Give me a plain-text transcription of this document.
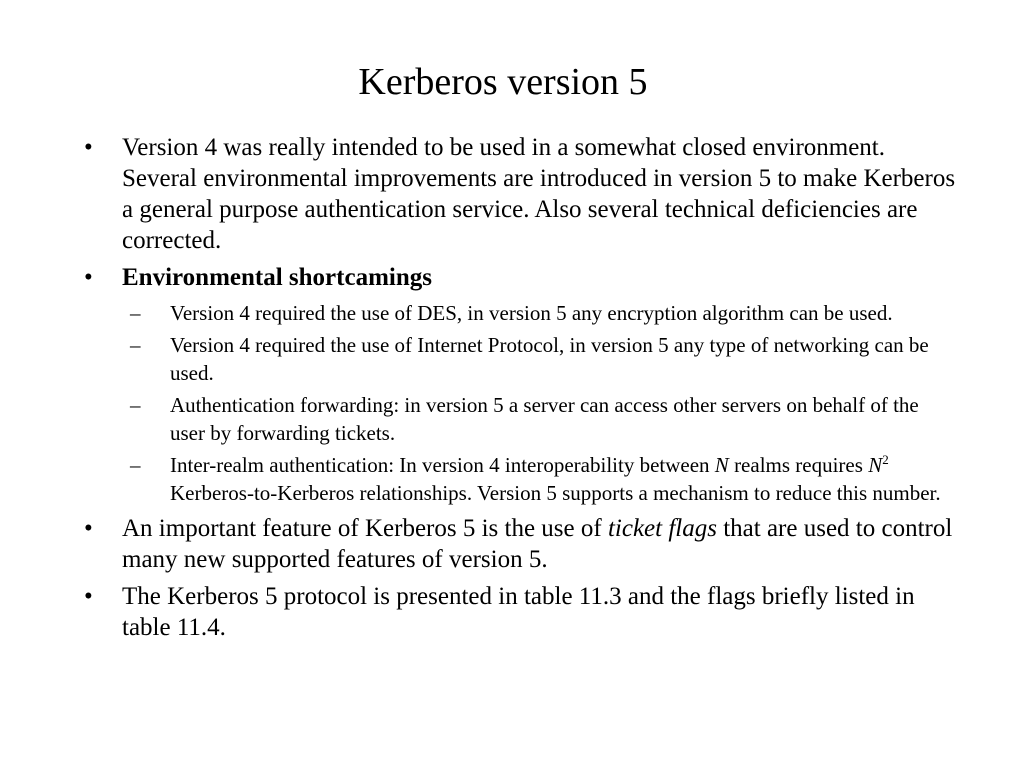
Kerberos version 5
• Version 4 was really intended to be used in a somewhat closed environment. Several environmental improvements are introduced in version 5 to make Kerberos a general purpose authentication service. Also several technical deficiencies are corrected.
• Environmental shortcamings
– Version 4 required the use of DES, in version 5 any encryption algorithm can be used.
– Version 4 required the use of Internet Protocol, in version 5 any type of networking can be used.
– Authentication forwarding: in version 5 a server can access other servers on behalf of the user by forwarding tickets.
– Inter-realm authentication: In version 4 interoperability between N realms requires $N^2$ Kerberos-to-Kerberos relationships. Version 5 supports a mechanism to reduce this number.
• An important feature of Kerberos 5 is the use of ticket flags that are used to control many new supported features of version 5.
• The Kerberos 5 protocol is presented in table 11.3 and the flags briefly listed in table 11.4.
